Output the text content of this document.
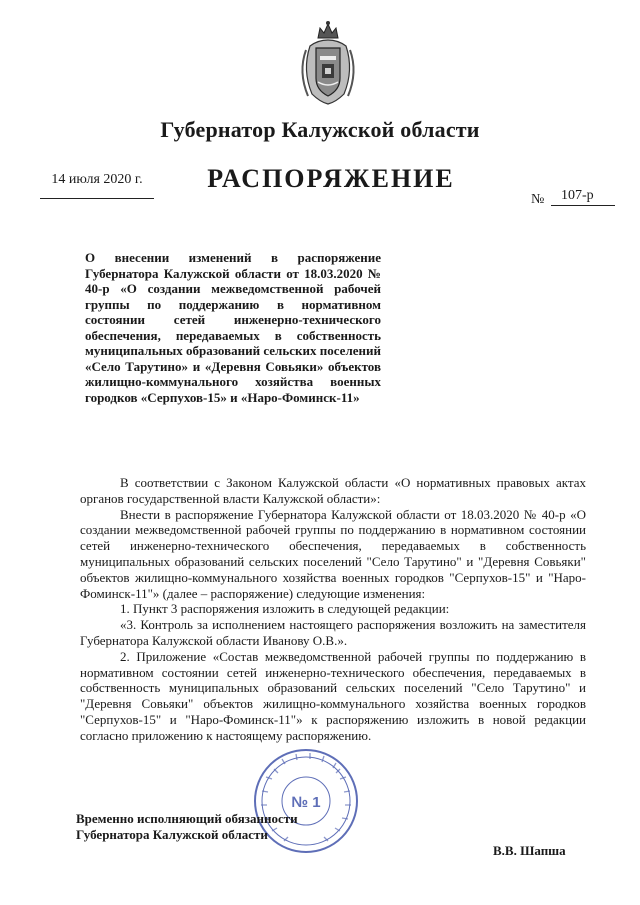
Губернатор Калужской области
РАСПОРЯЖЕНИЕ
14 июля 2020 г.
№ 107-р

О внесении изменений в распоряжение Губернатора Калужской области от 18.03.2020 № 40-р «О создании межведомственной рабочей группы по поддержанию в нормативном состоянии сетей инженерно-технического обеспечения, передаваемых в собственность муниципальных образований сельских поселений «Село Тарутино» и «Деревня Совьяки» объектов жилищно-коммунального хозяйства военных городков «Серпухов-15» и «Наро-Фоминск-11»

В соответствии с Законом Калужской области «О нормативных правовых актах органов государственной власти Калужской области»:

Внести в распоряжение Губернатора Калужской области от 18.03.2020 № 40-р «О создании межведомственной рабочей группы по поддержанию в нормативном состоянии сетей инженерно-технического обеспечения, передаваемых в собственность муниципальных образований сельских поселений "Село Тарутино" и "Деревня Совьяки" объектов жилищно-коммунального хозяйства военных городков "Серпухов-15" и "Наро-Фоминск-11"» (далее – распоряжение) следующие изменения:

1. Пункт 3 распоряжения изложить в следующей редакции:

«3. Контроль за исполнением настоящего распоряжения возложить на заместителя Губернатора Калужской области Иванову О.В.».

2. Приложение «Состав межведомственной рабочей группы по поддержанию в нормативном состоянии сетей инженерно-технического обеспечения, передаваемых в собственность муниципальных образований сельских поселений "Село Тарутино" и "Деревня Совьяки" объектов жилищно-коммунального хозяйства военных городков "Серпухов-15" и "Наро-Фоминск-11"» к распоряжению изложить в новой редакции согласно приложению к настоящему распоряжению.

№ 1
Временно исполняющий обязанности
Губернатора Калужской области
В.В. Шапша
